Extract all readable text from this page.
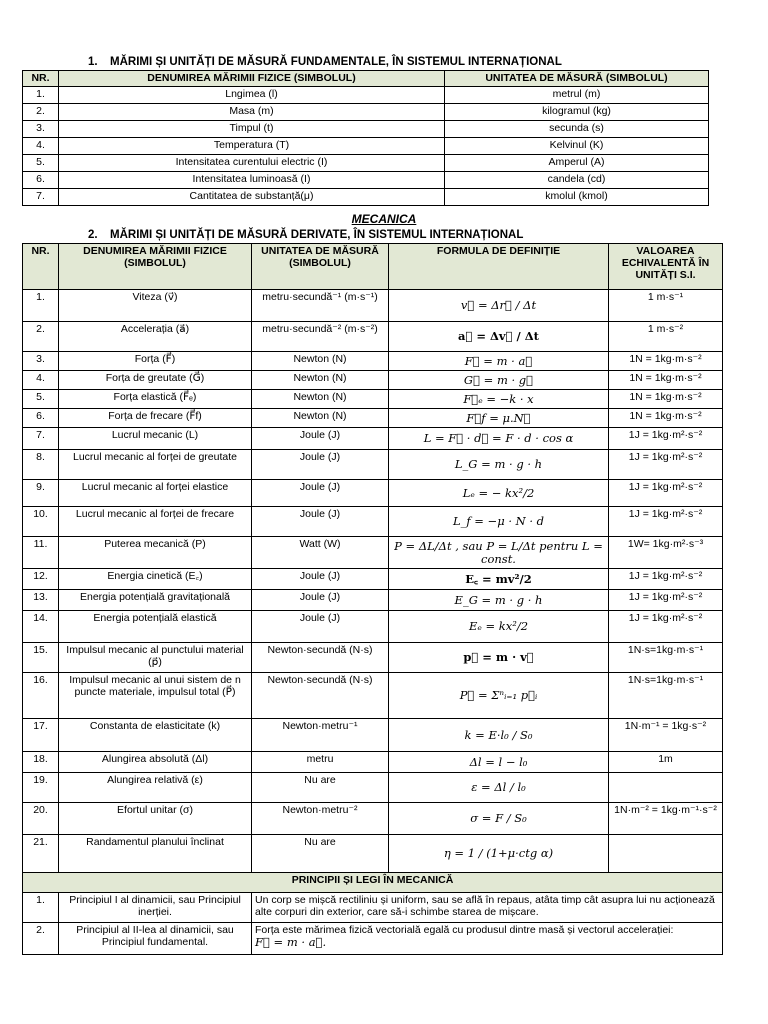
1. MĂRIMI ȘI UNITĂȚI DE MĂSURĂ FUNDAMENTALE, ÎN SISTEMUL INTERNAȚIONAL
NR.	DENUMIREA MĂRIMII FIZICE (SIMBOLUL)	UNITATEA DE MĂSURĂ (SIMBOLUL)
1.	Lngimea (l)	metrul (m)
2.	Masa (m)	kilogramul (kg)
3.	Timpul (t)	secunda (s)
4.	Temperatura (T)	Kelvinul (K)
5.	Intensitatea curentului electric (I)	Amperul (A)
6.	Intensitatea luminoasă (I)	candela (cd)
7.	Cantitatea de substanță(μ)	kmolul (kmol)
MECANICA
2. MĂRIMI ȘI UNITĂȚI DE MĂSURĂ DERIVATE, ÎN SISTEMUL INTERNAȚIONAL
NR.	DENUMIREA MĂRIMII FIZICE (SIMBOLUL)	UNITATEA DE MĂSURĂ (SIMBOLUL)	FORMULA DE DEFINIȚIE	VALOAREA ECHIVALENTĂ ÎN UNITĂȚI S.I.
1.	Viteza (v⃗)	metru·secundă⁻¹ (m·s⁻¹)	v⃗ = Δr⃗ / Δt	1 m·s⁻¹
2.	Accelerația (a⃗)	metru·secundă⁻² (m·s⁻²)	a⃗ = Δv⃗ / Δt	1 m·s⁻²
3.	Forța (F⃗)	Newton (N)	F⃗ = m · a⃗	1N = 1kg·m·s⁻²
4.	Forța de greutate (G⃗)	Newton (N)	G⃗ = m · g⃗	1N = 1kg·m·s⁻²
5.	Forța elastică (F⃗ₑ)	Newton (N)	F⃗ₑ = −k · x	1N = 1kg·m·s⁻²
6.	Forța de frecare (F⃗f)	Newton (N)	F⃗f = μ.N⃗	1N = 1kg·m·s⁻²
7.	Lucrul mecanic (L)	Joule (J)	L = F⃗ · d⃗ = F · d · cos α	1J = 1kg·m²·s⁻²
8.	Lucrul mecanic al forței de greutate	Joule (J)	L_G = m · g · h	1J = 1kg·m²·s⁻²
9.	Lucrul mecanic al forței elastice	Joule (J)	Lₑ = − kx²/2	1J = 1kg·m²·s⁻²
10.	Lucrul mecanic al forței de frecare	Joule (J)	L_f = −μ · N · d	1J = 1kg·m²·s⁻²
11.	Puterea mecanică (P)	Watt (W)	P = ΔL/Δt , sau P = L/Δt pentru L = const.	1W= 1kg·m²·s⁻³
12.	Energia cinetică (E꜀)	Joule (J)	E꜀ = mv²/2	1J = 1kg·m²·s⁻²
13.	Energia potențială gravitațională	Joule (J)	E_G = m · g · h	1J = 1kg·m²·s⁻²
14.	Energia potențială elastică	Joule (J)	Eₑ = kx²/2	1J = 1kg·m²·s⁻²
15.	Impulsul mecanic al punctului material (p⃗)	Newton·secundă (N·s)	p⃗ = m · v⃗	1N·s=1kg·m·s⁻¹
16.	Impulsul mecanic al unui sistem de n puncte materiale, impulsul total (P⃗)	Newton·secundă (N·s)	P⃗ = Σⁿᵢ₌₁ p⃗ᵢ	1N·s=1kg·m·s⁻¹
17.	Constanta de elasticitate (k)	Newton·metru⁻¹	k = E·l₀ / S₀	1N·m⁻¹ = 1kg·s⁻²
18.	Alungirea absolută (Δl)	metru	Δl = l − l₀	1m
19.	Alungirea relativă (ε)	Nu are	ε = Δl / l₀	
20.	Efortul unitar (σ)	Newton·metru⁻²	σ = F / S₀	1N·m⁻² = 1kg·m⁻¹·s⁻²
21.	Randamentul planului înclinat	Nu are	η = 1 / (1+μ·ctg α)	
PRINCIPII ȘI LEGI ÎN MECANICĂ				
1.	Principiul I al dinamicii, sau Principiul inerției.	Un corp se mișcă rectiliniu și uniform, sau se află în repaus, atâta timp cât asupra lui nu acționează alte corpuri din exterior, care să-i schimbe starea de mișcare.		
2.	Principiul al II-lea al dinamicii, sau Principiul fundamental.	Forța este mărimea fizică vectorială egală cu produsul dintre masă și vectorul accelerației:
F⃗ = m · a⃗.		
